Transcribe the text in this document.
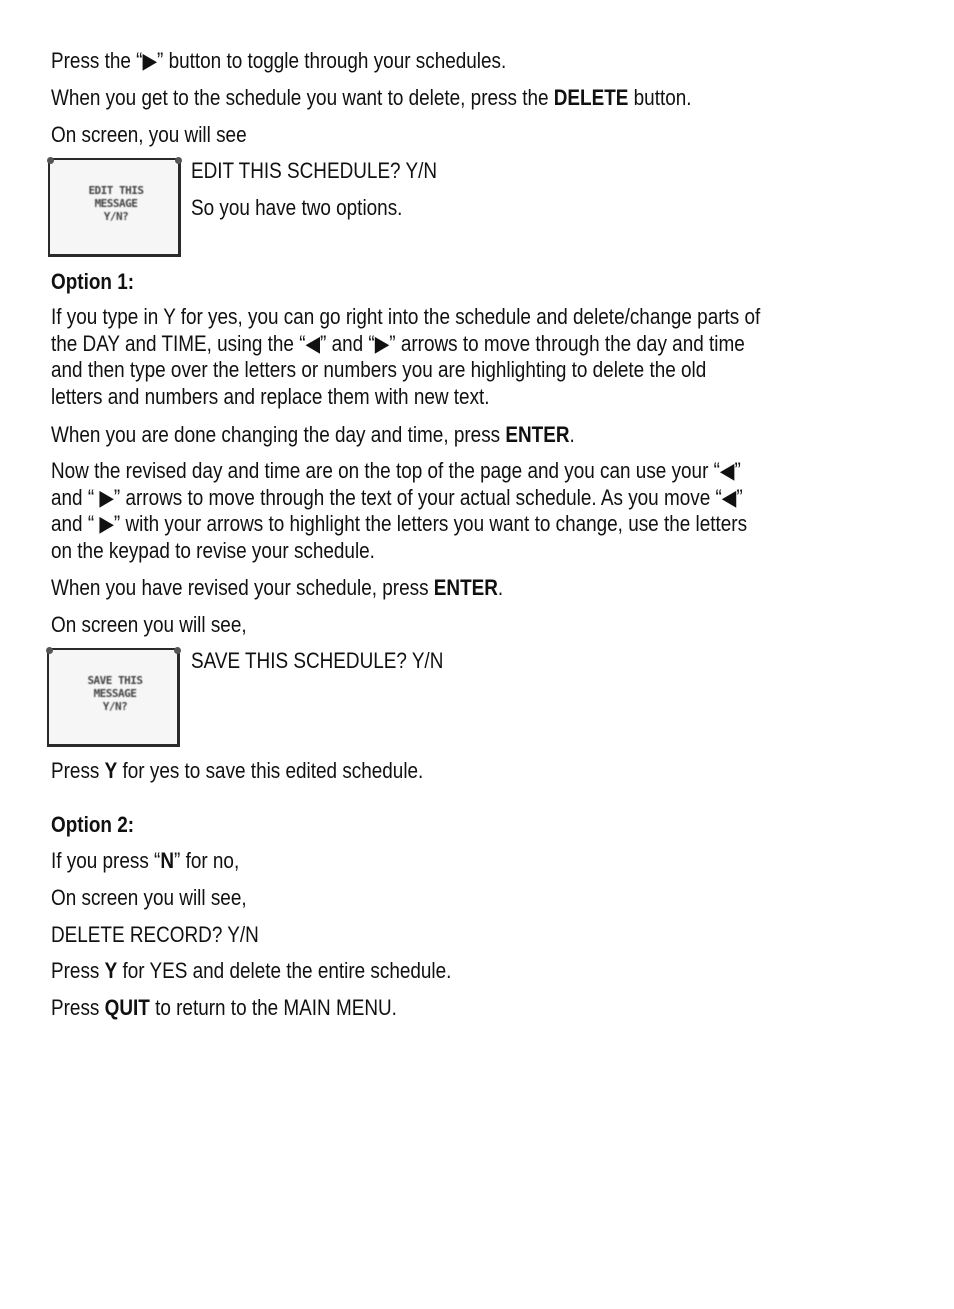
Press the “▶” button to toggle through your schedules.
When you get to the schedule you want to delete, press the DELETE button.
On screen, you will see
EDIT THIS
MESSAGE
Y/N?
EDIT THIS SCHEDULE? Y/N
So you have two options.
Option 1:
If you type in Y for yes, you can go right into the schedule and delete/change parts of
the DAY and TIME, using the “◀” and “▶” arrows to move through the day and time
and then type over the letters or numbers you are highlighting to delete the old
letters and numbers and replace them with new text.
When you are done changing the day and time, press ENTER.
Now the revised day and time are on the top of the page and you can use your “◀”
and “ ▶” arrows to move through the text of your actual schedule. As you move “◀”
and “ ▶” with your arrows to highlight the letters you want to change, use the letters
on the keypad to revise your schedule.
When you have revised your schedule, press ENTER.
On screen you will see,
SAVE THIS
MESSAGE
Y/N?
SAVE THIS SCHEDULE? Y/N
Press Y for yes to save this edited schedule.
Option 2:
If you press “N” for no,
On screen you will see,
DELETE RECORD? Y/N
Press Y for YES and delete the entire schedule.
Press QUIT to return to the MAIN MENU.
